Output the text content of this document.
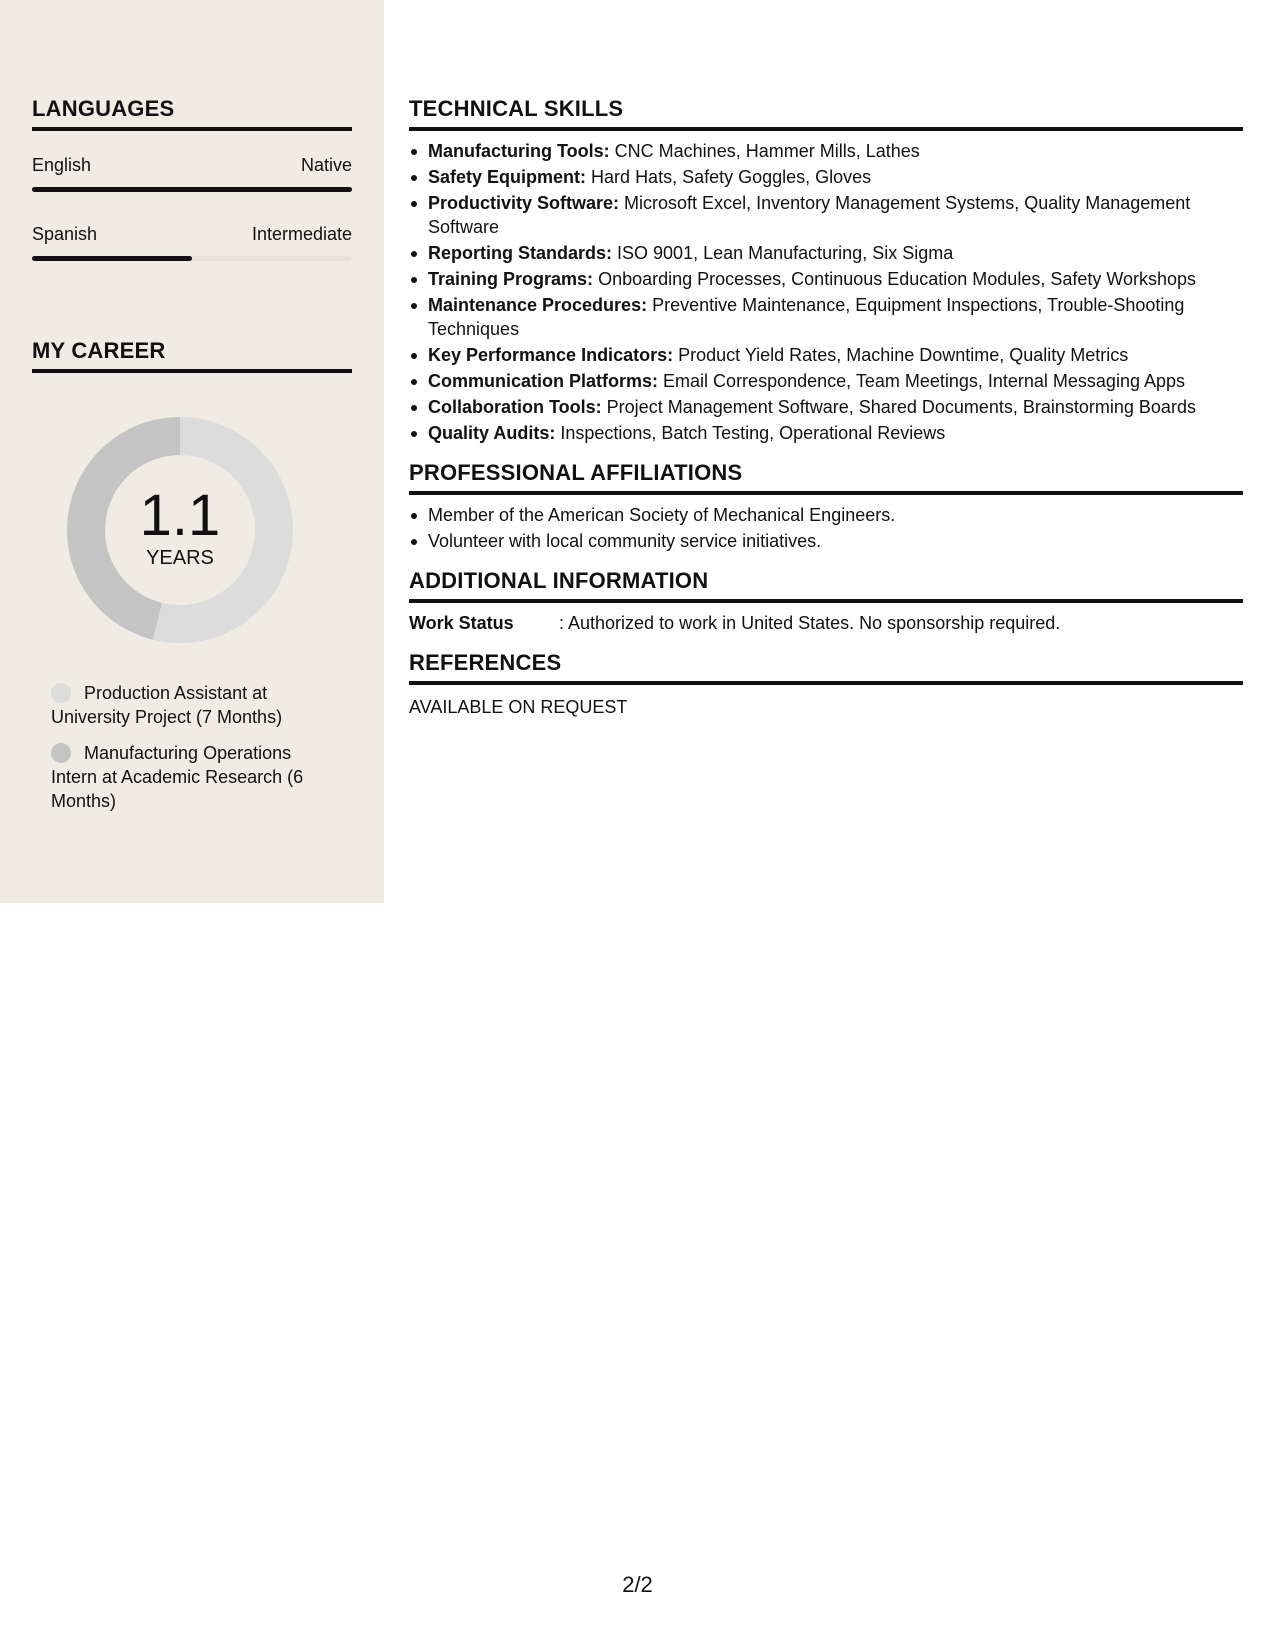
LANGUAGES
English	Native
Spanish	Intermediate
MY CAREER
1.1
YEARS
Production Assistant at University Project (7 Months)
Manufacturing Operations Intern at Academic Research (6 Months)
TECHNICAL SKILLS
Manufacturing Tools: CNC Machines, Hammer Mills, Lathes
Safety Equipment: Hard Hats, Safety Goggles, Gloves
Productivity Software: Microsoft Excel, Inventory Management Systems, Quality Management Software
Reporting Standards: ISO 9001, Lean Manufacturing, Six Sigma
Training Programs: Onboarding Processes, Continuous Education Modules, Safety Workshops
Maintenance Procedures: Preventive Maintenance, Equipment Inspections, Trouble-Shooting Techniques
Key Performance Indicators: Product Yield Rates, Machine Downtime, Quality Metrics
Communication Platforms: Email Correspondence, Team Meetings, Internal Messaging Apps
Collaboration Tools: Project Management Software, Shared Documents, Brainstorming Boards
Quality Audits: Inspections, Batch Testing, Operational Reviews
PROFESSIONAL AFFILIATIONS
Member of the American Society of Mechanical Engineers.
Volunteer with local community service initiatives.
ADDITIONAL INFORMATION
Work Status	: Authorized to work in United States. No sponsorship required.
REFERENCES
AVAILABLE ON REQUEST
2/2
